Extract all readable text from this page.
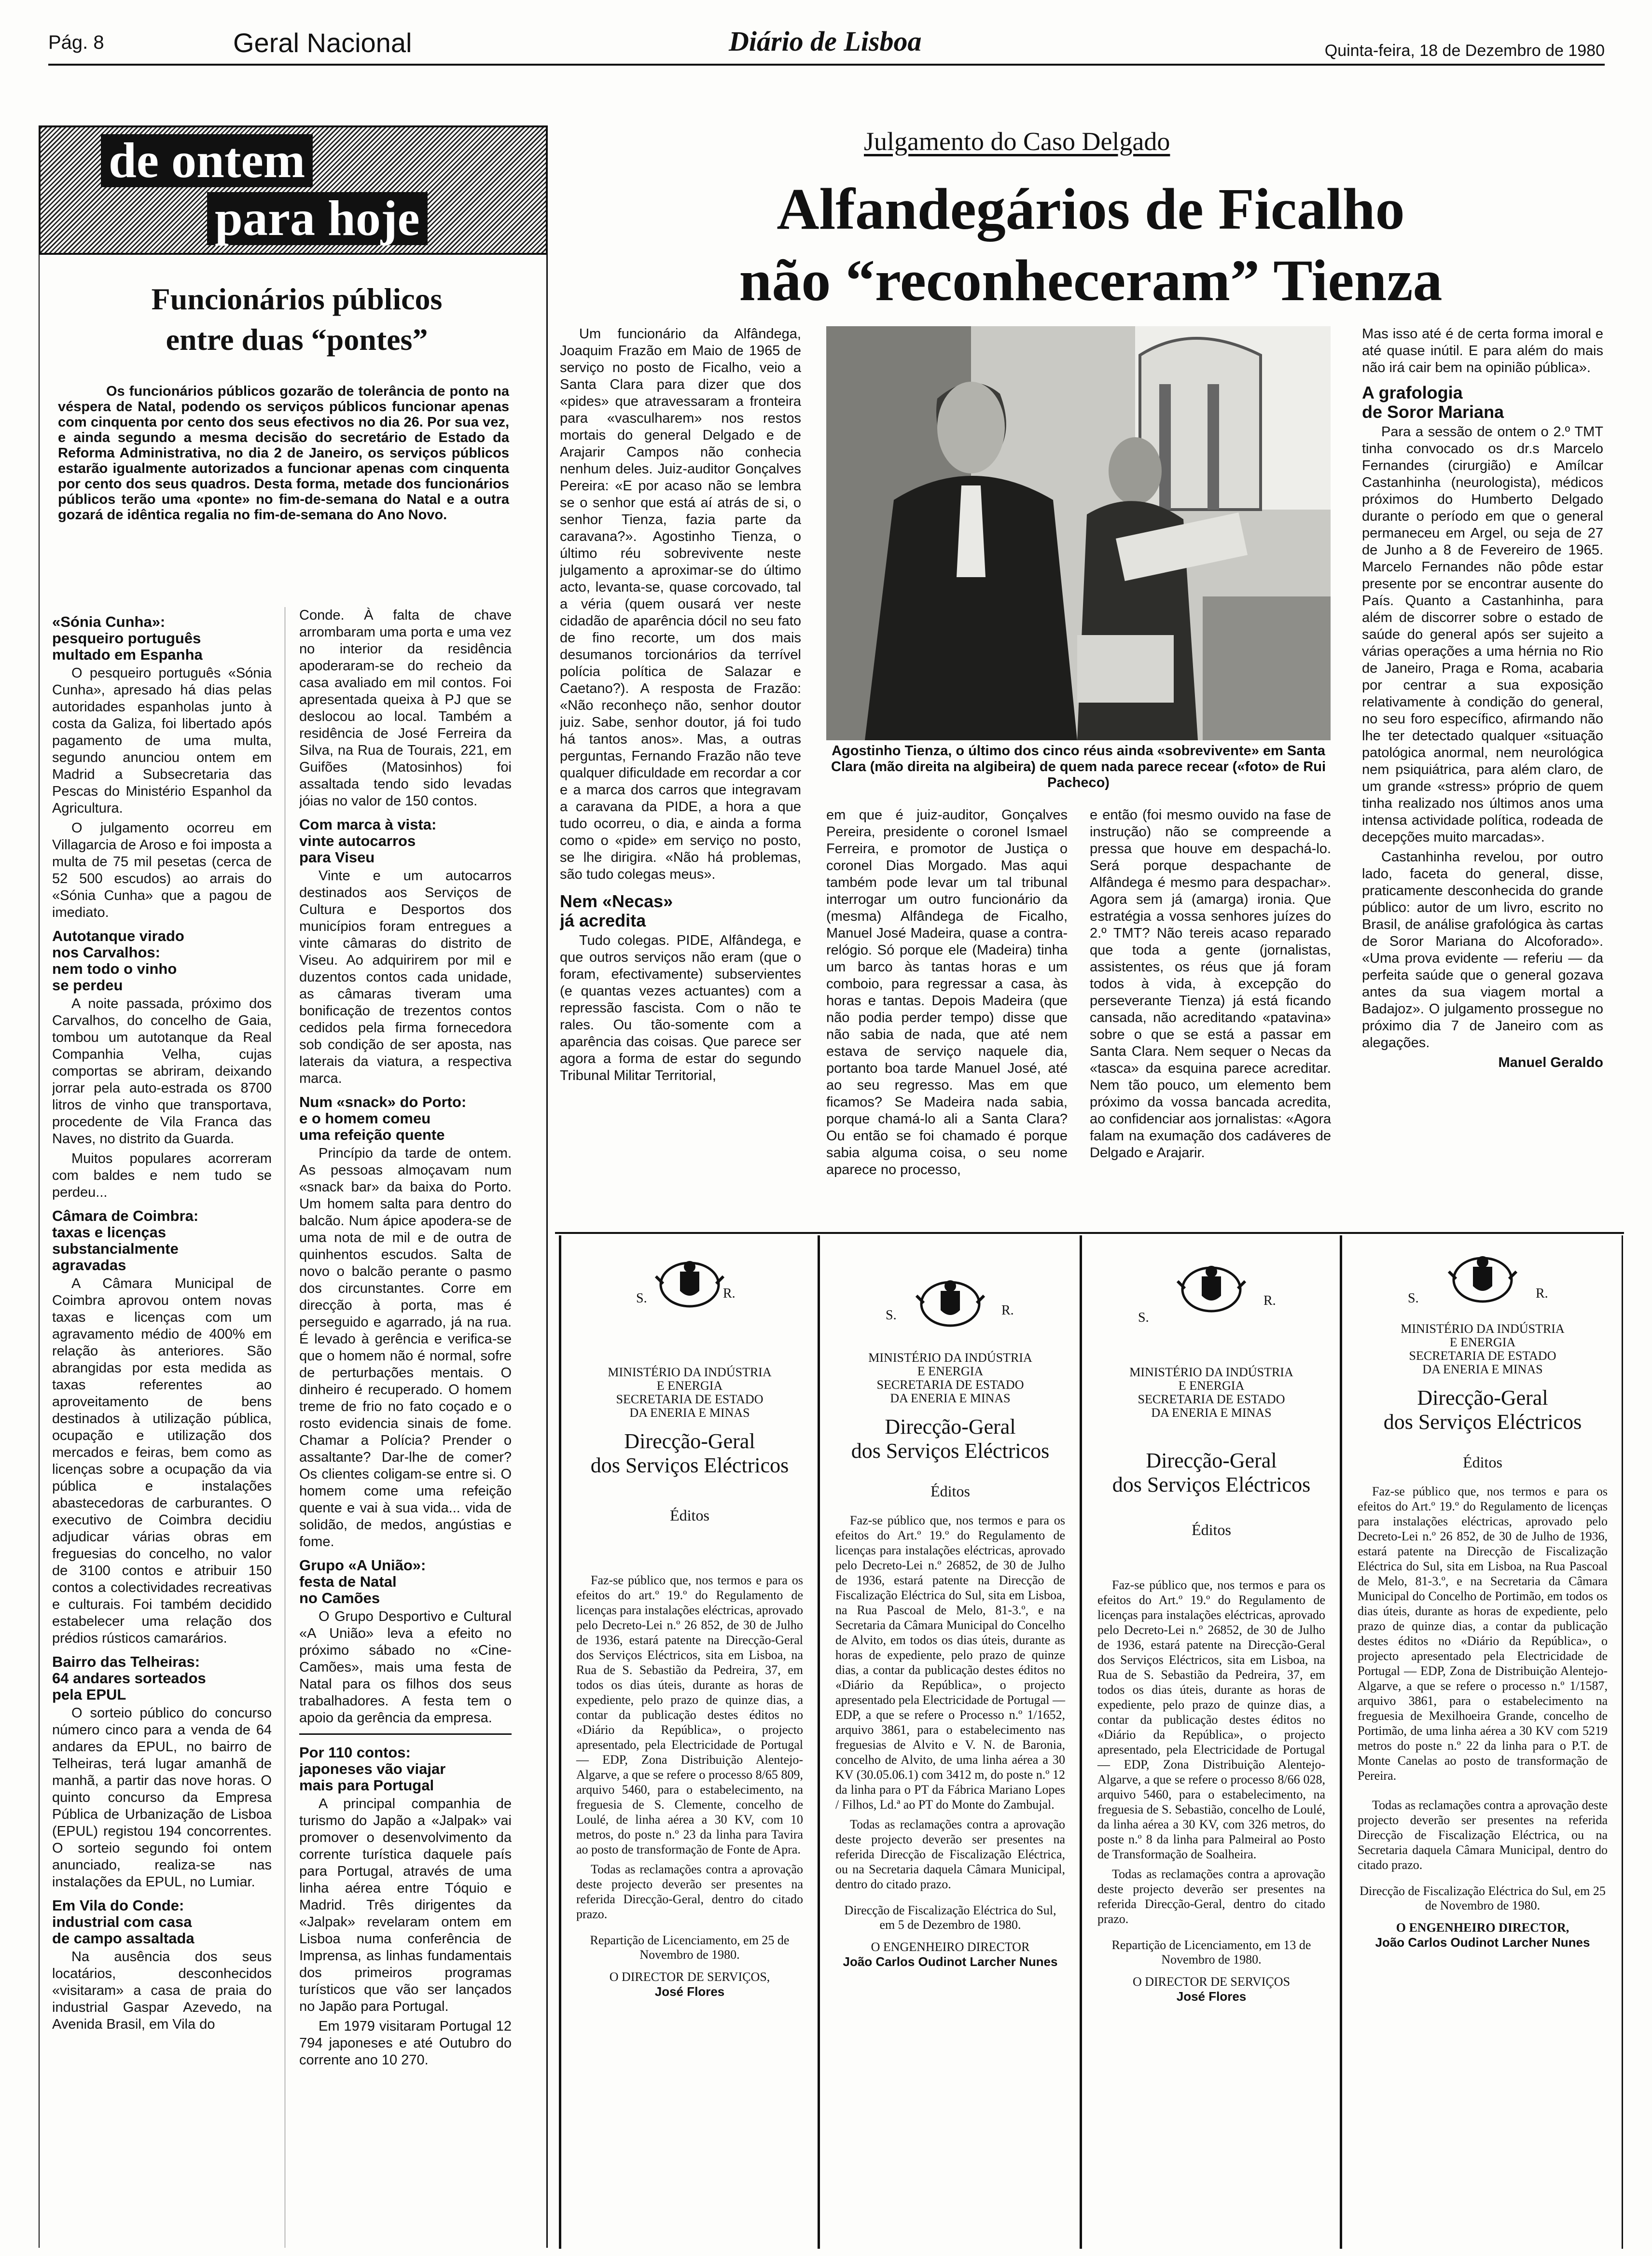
Pág. 8	Geral Nacional	Diário de Lisboa	Quinta-feira, 18 de Dezembro de 1980
de ontem
para hoje
Funcionários públicos
entre duas “pontes”
Os funcionários públicos gozarão de tolerância de ponto na véspera de Natal, podendo os serviços públicos funcionar apenas com cinquenta por cento dos seus efectivos no dia 26. Por sua vez, e ainda segundo a mesma decisão do secretário de Estado da Reforma Administrativa, no dia 2 de Janeiro, os serviços públicos estarão igualmente autorizados a funcionar apenas com cinquenta por cento dos seus quadros. Desta forma, metade dos funcionários públicos terão uma «ponte» no fim-de-semana do Natal e a outra gozará de idêntica regalia no fim-de-semana do Ano Novo.
«Sónia Cunha»:
pesqueiro português
multado em Espanha

O pesqueiro português «Sónia Cunha», apresado há dias pelas autoridades espanholas junto à costa da Galiza, foi libertado após pagamento de uma multa, segundo anunciou ontem em Madrid a Subsecretaria das Pescas do Ministério Espanhol da Agricultura.

O julgamento ocorreu em Villagarcia de Aroso e foi imposta a multa de 75 mil pesetas (cerca de 52 500 escudos) ao arrais do «Sónia Cunha» que a pagou de imediato.

Autotanque virado
nos Carvalhos:
nem todo o vinho
se perdeu

A noite passada, próximo dos Carvalhos, do concelho de Gaia, tombou um autotanque da Real Companhia Velha, cujas comportas se abriram, deixando jorrar pela auto-estrada os 8700 litros de vinho que transportava, procedente de Vila Franca das Naves, no distrito da Guarda.

Muitos populares acorreram com baldes e nem tudo se perdeu...

Câmara de Coimbra:
taxas e licenças
substancialmente
agravadas

A Câmara Municipal de Coimbra aprovou ontem novas taxas e licenças com um agravamento médio de 400% em relação às anteriores. São abrangidas por esta medida as taxas referentes ao aproveitamento de bens destinados à utilização pública, ocupação e utilização dos mercados e feiras, bem como as licenças sobre a ocupação da via pública e instalações abastecedoras de carburantes. O executivo de Coimbra decidiu adjudicar várias obras em freguesias do concelho, no valor de 3100 contos e atribuir 150 contos a colectividades recreativas e culturais. Foi também decidido estabelecer uma relação dos prédios rústicos camarários.

Bairro das Telheiras:
64 andares sorteados
pela EPUL

O sorteio público do concurso número cinco para a venda de 64 andares da EPUL, no bairro de Telheiras, terá lugar amanhã de manhã, a partir das nove horas. O quinto concurso da Empresa Pública de Urbanização de Lisboa (EPUL) registou 194 concorrentes. O sorteio segundo foi ontem anunciado, realiza-se nas instalações da EPUL, no Lumiar.

Em Vila do Conde:
industrial com casa
de campo assaltada

Na ausência dos seus locatários, desconhecidos «visitaram» a casa de praia do industrial Gaspar Azevedo, na Avenida Brasil, em Vila do

Conde. À falta de chave arrombaram uma porta e uma vez no interior da residência apoderaram-se do recheio da casa avaliado em mil contos. Foi apresentada queixa à PJ que se deslocou ao local. Também a residência de José Ferreira da Silva, na Rua de Tourais, 221, em Guifões (Matosinhos) foi assaltada tendo sido levadas jóias no valor de 150 contos.

Com marca à vista:
vinte autocarros
para Viseu

Vinte e um autocarros destinados aos Serviços de Cultura e Desportos dos municípios foram entregues a vinte câmaras do distrito de Viseu. Ao adquirirem por mil e duzentos contos cada unidade, as câmaras tiveram uma bonificação de trezentos contos cedidos pela firma fornecedora sob condição de ser aposta, nas laterais da viatura, a respectiva marca.

Num «snack» do Porto:
e o homem comeu
uma refeição quente

Princípio da tarde de ontem. As pessoas almoçavam num «snack bar» da baixa do Porto. Um homem salta para dentro do balcão. Num ápice apodera-se de uma nota de mil e de outra de quinhentos escudos. Salta de novo o balcão perante o pasmo dos circunstantes. Corre em direcção à porta, mas é perseguido e agarrado, já na rua. É levado à gerência e verifica-se que o homem não é normal, sofre de perturbações mentais. O dinheiro é recuperado. O homem treme de frio no fato coçado e o rosto evidencia sinais de fome. Chamar a Polícia? Prender o assaltante? Dar-lhe de comer? Os clientes coligam-se entre si. O homem come uma refeição quente e vai à sua vida... vida de solidão, de medos, angústias e fome.

Grupo «A União»:
festa de Natal
no Camões

O Grupo Desportivo e Cultural «A União» leva a efeito no próximo sábado no «Cine-Camões», mais uma festa de Natal para os filhos dos seus trabalhadores. A festa tem o apoio da gerência da empresa.

Por 110 contos:
japoneses vão viajar
mais para Portugal

A principal companhia de turismo do Japão a «Jalpak» vai promover o desenvolvimento da corrente turística daquele país para Portugal, através de uma linha aérea entre Tóquio e Madrid. Três dirigentes da «Jalpak» revelaram ontem em Lisboa numa conferência de Imprensa, as linhas fundamentais dos primeiros programas turísticos que vão ser lançados no Japão para Portugal.

Em 1979 visitaram Portugal 12 794 japoneses e até Outubro do corrente ano 10 270.

Julgamento do Caso Delgado
Alfandegários de Ficalho
não “reconheceram” Tienza

Um funcionário da Alfândega, Joaquim Frazão em Maio de 1965 de serviço no posto de Ficalho, veio a Santa Clara para dizer que dos «pides» que atravessaram a fronteira para «vasculharem» nos restos mortais do general Delgado e de Arajarir Campos não conhecia nenhum deles. Juiz-auditor Gonçalves Pereira: «E por acaso não se lembra se o senhor que está aí atrás de si, o senhor Tienza, fazia parte da caravana?». Agostinho Tienza, o último réu sobrevivente neste julgamento a aproximar-se do último acto, levanta-se, quase corcovado, tal a véria (quem ousará ver neste cidadão de aparência dócil no seu fato de fino recorte, um dos mais desumanos torcionários da terrível polícia política de Salazar e Caetano?). A resposta de Frazão: «Não reconheço não, senhor doutor juiz. Sabe, senhor doutor, já foi tudo há tantos anos». Mas, a outras perguntas, Fernando Frazão não teve qualquer dificuldade em recordar a cor e a marca dos carros que integravam a caravana da PIDE, a hora a que tudo ocorreu, o dia, e ainda a forma como o «pide» em serviço no posto, se lhe dirigira. «Não há problemas, são tudo colegas meus».

Nem «Necas»
já acredita

Tudo colegas. PIDE, Alfândega, e que outros serviços não eram (que o foram, efectivamente) subservientes (e quantas vezes actuantes) com a repressão fascista. Com o não te rales. Ou tão-somente com a aparência das coisas. Que parece ser agora a forma de estar do segundo Tribunal Militar Territorial,

Agostinho Tienza, o último dos cinco réus ainda «sobrevivente» em Santa Clara (mão direita na algibeira) de quem nada parece recear («foto» de Rui Pacheco)

em que é juiz-auditor, Gonçalves Pereira, presidente o coronel Ismael Ferreira, e promotor de Justiça o coronel Dias Morgado. Mas aqui também pode levar um tal tribunal interrogar um outro funcionário da (mesma) Alfândega de Ficalho, Manuel José Madeira, quase a contra-relógio. Só porque ele (Madeira) tinha um barco às tantas horas e um comboio, para regressar a casa, às horas e tantas. Depois Madeira (que não podia perder tempo) disse que não sabia de nada, que até nem estava de serviço naquele dia, portanto boa tarde Manuel José, até ao seu regresso. Mas em que ficamos? Se Madeira nada sabia, porque chamá-lo ali a Santa Clara? Ou então se foi chamado é porque sabia alguma coisa, o seu nome aparece no processo,

e então (foi mesmo ouvido na fase de instrução) não se compreende a pressa que houve em despachá-lo. Será porque despachante de Alfândega é mesmo para despachar». Agora sem já (amarga) ironia. Que estratégia a vossa senhores juízes do 2.º TMT? Não tereis acaso reparado que toda a gente (jornalistas, assistentes, os réus que já foram todos à vida, à excepção do perseverante Tienza) já está ficando cansada, não acreditando «patavina» sobre o que se está a passar em Santa Clara. Nem sequer o Necas da «tasca» da esquina parece acreditar. Nem tão pouco, um elemento bem próximo da vossa bancada acredita, ao confidenciar aos jornalistas: «Agora falam na exumação dos cadáveres de Delgado e Arajarir.

Mas isso até é de certa forma imoral e até quase inútil. E para além do mais não irá cair bem na opinião pública».

A grafologia
de Soror Mariana

Para a sessão de ontem o 2.º TMT tinha convocado os dr.s Marcelo Fernandes (cirurgião) e Amílcar Castanhinha (neurologista), médicos próximos do Humberto Delgado durante o período em que o general permaneceu em Argel, ou seja de 27 de Junho a 8 de Fevereiro de 1965. Marcelo Fernandes não pôde estar presente por se encontrar ausente do País. Quanto a Castanhinha, para além de discorrer sobre o estado de saúde do general após ser sujeito a várias operações a uma hérnia no Rio de Janeiro, Praga e Roma, acabaria por centrar a sua exposição relativamente à condição do general, no seu foro específico, afirmando não lhe ter detectado qualquer «situação patológica anormal, nem neurológica nem psiquiátrica, para além claro, de um grande «stress» próprio de quem tinha realizado nos últimos anos uma intensa actividade política, rodeada de decepções muito marcadas».

Castanhinha revelou, por outro lado, faceta do general, disse, praticamente desconhecida do grande público: autor de um livro, escrito no Brasil, de análise grafológica às cartas de Soror Mariana do Alcoforado». «Uma prova evidente — referiu — da perfeita saúde que o general gozava antes da sua viagem mortal a Badajoz». O julgamento prossegue no próximo dia 7 de Janeiro com as alegações.

Manuel Geraldo
S.	R.
MINISTÉRIO DA INDÚSTRIA
E ENERGIA
SECRETARIA DE ESTADO
DA ENERIA E MINAS
Direcção-Geral
dos Serviços Eléctricos
Éditos

Faz-se público que, nos termos e para os efeitos do art.º 19.º do Regulamento de licenças para instalações eléctricas, aprovado pelo Decreto-Lei n.º 26 852, de 30 de Julho de 1936, estará patente na Direcção-Geral dos Serviços Eléctricos, sita em Lisboa, na Rua de S. Sebastião da Pedreira, 37, em todos os dias úteis, durante as horas de expediente, pelo prazo de quinze dias, a contar da publicação destes éditos no «Diário da República», o projecto apresentado, pela Electricidade de Portugal — EDP, Zona Distribuição Alentejo-Algarve, a que se refere o processo 8/65 809, arquivo 5460, para o estabelecimento, na freguesia de S. Clemente, concelho de Loulé, de linha aérea a 30 KV, com 10 metros, do poste n.º 23 da linha para Tavira ao posto de transformação de Fonte de Apra.

Todas as reclamações contra a aprovação deste projecto deverão ser presentes na referida Direcção-Geral, dentro do citado prazo.

Repartição de Licenciamento, em 25 de Novembro de 1980.
O DIRECTOR DE SERVIÇOS,
José Flores
S.	R.
MINISTÉRIO DA INDÚSTRIA
E ENERGIA
SECRETARIA DE ESTADO
DA ENERIA E MINAS
Direcção-Geral
dos Serviços Eléctricos
Éditos

Faz-se público que, nos termos e para os efeitos do Art.º 19.º do Regulamento de licenças para instalações eléctricas, aprovado pelo Decreto-Lei n.º 26852, de 30 de Julho de 1936, estará patente na Direcção de Fiscalização Eléctrica do Sul, sita em Lisboa, na Rua Pascoal de Melo, 81-3.º, e na Secretaria da Câmara Municipal do Concelho de Alvito, em todos os dias úteis, durante as horas de expediente, pelo prazo de quinze dias, a contar da publicação destes éditos no «Diário da República», o projecto apresentado pela Electricidade de Portugal — EDP, a que se refere o Processo n.º 1/1652, arquivo 3861, para o estabelecimento nas freguesias de Alvito e V. N. de Baronia, concelho de Alvito, de uma linha aérea a 30 KV (30.05.06.1) com 3412 m, do poste n.º 12 da linha para o PT da Fábrica Mariano Lopes / Filhos, Ld.ª ao PT do Monte do Zambujal.

Todas as reclamações contra a aprovação deste projecto deverão ser presentes na referida Direcção de Fiscalização Eléctrica, ou na Secretaria daquela Câmara Municipal, dentro do citado prazo.

Direcção de Fiscalização Eléctrica do Sul, em 5 de Dezembro de 1980.
O ENGENHEIRO DIRECTOR
João Carlos Oudinot Larcher Nunes
S.
R.
MINISTÉRIO DA INDÚSTRIA
E ENERGIA
SECRETARIA DE ESTADO
DA ENERIA E MINAS
Direcção-Geral
dos Serviços Eléctricos
Éditos

Faz-se público que, nos termos e para os efeitos do Art.º 19.º do Regulamento de licenças para instalações eléctricas, aprovado pelo Decreto-Lei n.º 26852, de 30 de Julho de 1936, estará patente na Direcção-Geral dos Serviços Eléctricos, sita em Lisboa, na Rua de S. Sebastião da Pedreira, 37, em todos os dias úteis, durante as horas de expediente, pelo prazo de quinze dias, a contar da publicação destes éditos no «Diário da República», o projecto apresentado, pela Electricidade de Portugal — EDP, Zona Distribuição Alentejo-Algarve, a que se refere o processo 8/66 028, arquivo 5460, para o estabelecimento, na freguesia de S. Sebastião, concelho de Loulé, da linha aérea a 30 KV, com 326 metros, do poste n.º 8 da linha para Palmeiral ao Posto de Transformação de Soalheira.

Todas as reclamações contra a aprovação deste projecto deverão ser presentes na referida Direcção-Geral, dentro do citado prazo.

Repartição de Licenciamento, em 13 de Novembro de 1980.
O DIRECTOR DE SERVIÇOS
José Flores
S.	R.
MINISTÉRIO DA INDÚSTRIA
E ENERGIA
SECRETARIA DE ESTADO
DA ENERIA E MINAS
Direcção-Geral
dos Serviços Eléctricos
Éditos

Faz-se público que, nos termos e para os efeitos do Art.º 19.º do Regulamento de licenças para instalações eléctricas, aprovado pelo Decreto-Lei n.º 26 852, de 30 de Julho de 1936, estará patente na Direcção de Fiscalização Eléctrica do Sul, sita em Lisboa, na Rua Pascoal de Melo, 81-3.º, e na Secretaria da Câmara Municipal do Concelho de Portimão, em todos os dias úteis, durante as horas de expediente, pelo prazo de quinze dias, a contar da publicação destes éditos no «Diário da República», o projecto apresentado pela Electricidade de Portugal — EDP, Zona de Distribuição Alentejo-Algarve, a que se refere o processo n.º 1/1587, arquivo 3861, para o estabelecimento na freguesia de Mexilhoeira Grande, concelho de Portimão, de uma linha aérea a 30 KV com 5219 metros do poste n.º 22 da linha para o P.T. de Monte Canelas ao posto de transformação de Pereira.

Todas as reclamações contra a aprovação deste projecto deverão ser presentes na referida Direcção de Fiscalização Eléctrica, ou na Secretaria daquela Câmara Municipal, dentro do citado prazo.

Direcção de Fiscalização Eléctrica do Sul, em 25 de Novembro de 1980.
O ENGENHEIRO DIRECTOR,
João Carlos Oudinot Larcher Nunes
